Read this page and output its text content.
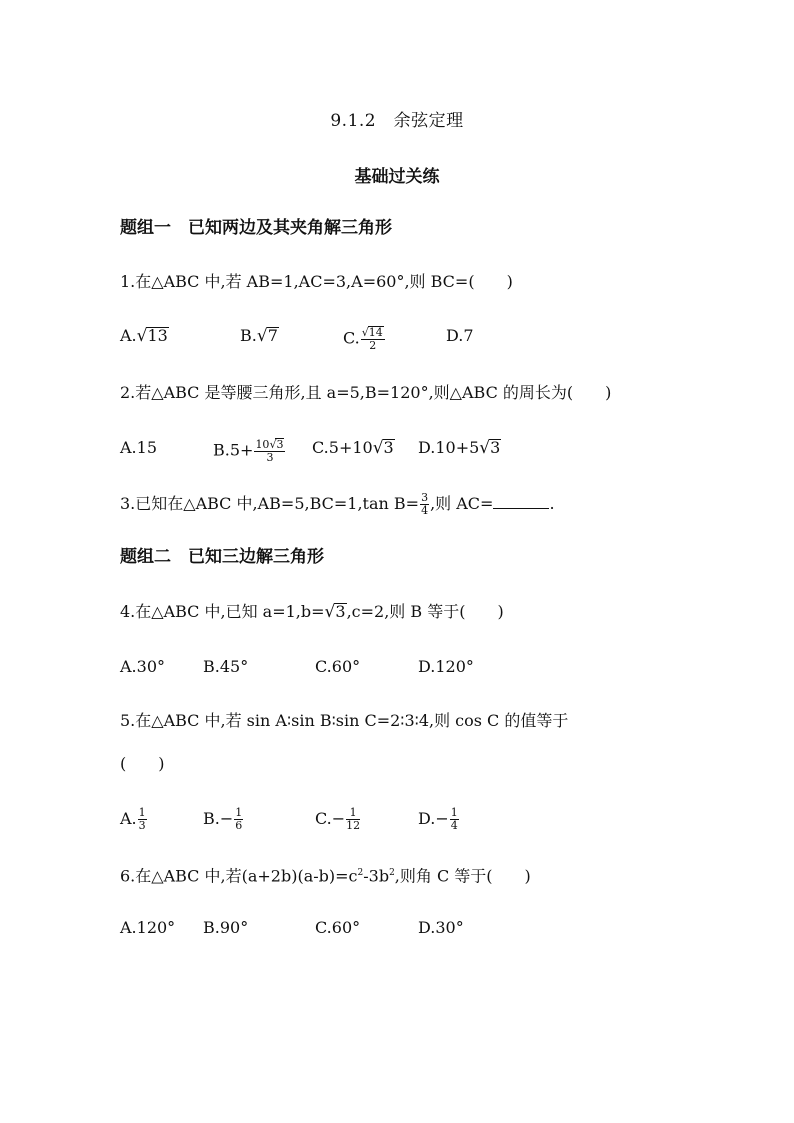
9.1.2　余弦定理
基础过关练
题组一　已知两边及其夹角解三角形
1.在△ABC 中,若 AB=1,AC=3,A=60°,则 BC=(　　)
A.√13	B.√7	C. $\frac{√14}{2}$	D.7
2.若△ABC 是等腰三角形,且 a=5,B=120°,则△ABC 的周长为(　　)
A.15	$B.5+ \frac{10√3}{3} C.5+10√3$ D.10+5√3
3.已知在△ABC 中,AB=5,BC=1,tan $B= \frac{3}{4}$ ,则 AC=	.
题组二　已知三边解三角形
4.在△ABC 中,已知 a=1,b=√3,c=2,则 B 等于(　　)
A.30° B.45°	C.60°	D.120°
5.在△ABC 中,若 sin A∶sin B∶sin C=2∶3∶4,则 cos C 的值等于
(　　)
A. $\frac{1}{3}$	$B.- \frac{1}{6}$	$C.- \frac{1}{12}$	$D.- \frac{1}{4}$
6.在△ABC 中,若$(a+2b)(a-b)=c^2-3b^2$,则角 C 等于(　　)
A.120° B.90°	C.60°	D.30°
